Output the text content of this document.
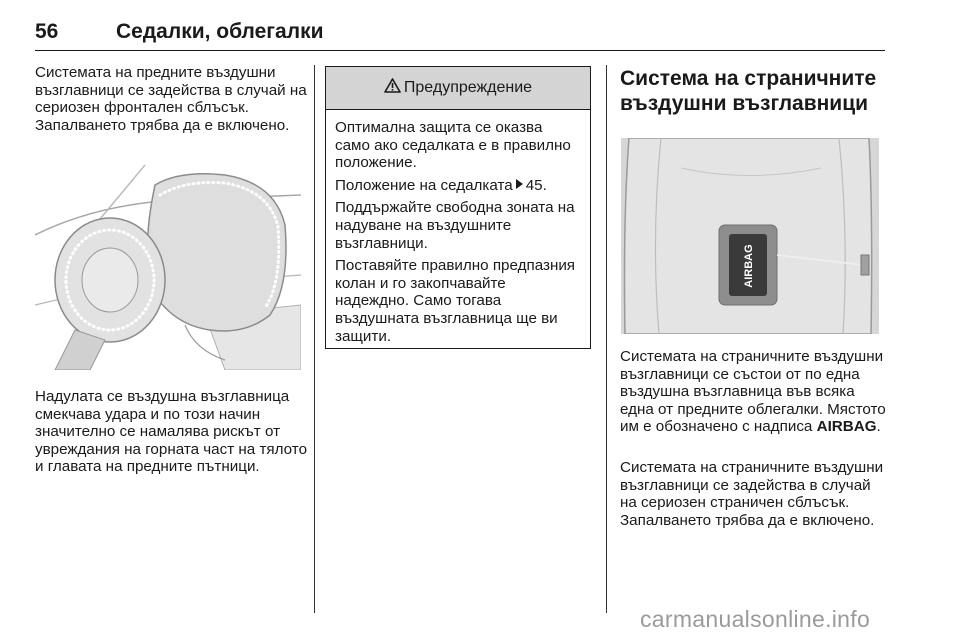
56	Седалки, облегалки

Системата на предните въздушни възглавници се задейства в случай на сериозен фронтален сблъсък. Запалването трябва да е включено.

Надулата се въздушна възглавница смекчава удара и по този начин значително се намалява рискът от увреждания на горната част на тялото и главата на предните пътници.

Предупреждение

Оптимална защита се оказва само ако седалката е в правилно положение.

Положение на седалката 45.

Поддържайте свободна зоната на надуване на въздушните възглавници.

Поставяйте правилно предпазния колан и го закопчавайте надеждно. Само тогава въздушната възглавница ще ви защити.

Система на страничните въздушни възглавници
AIRBAG

Системата на страничните въздушни възглавници се състои от по една въздушна възглавница във всяка една от предните облегалки. Мястото им е обозначено с надписа AIRBAG.

Системата на страничните въздушни възглавници се задейства в случай на сериозен страничен сблъсък. Запалването трябва да е включено.

carmanualsonline.info
